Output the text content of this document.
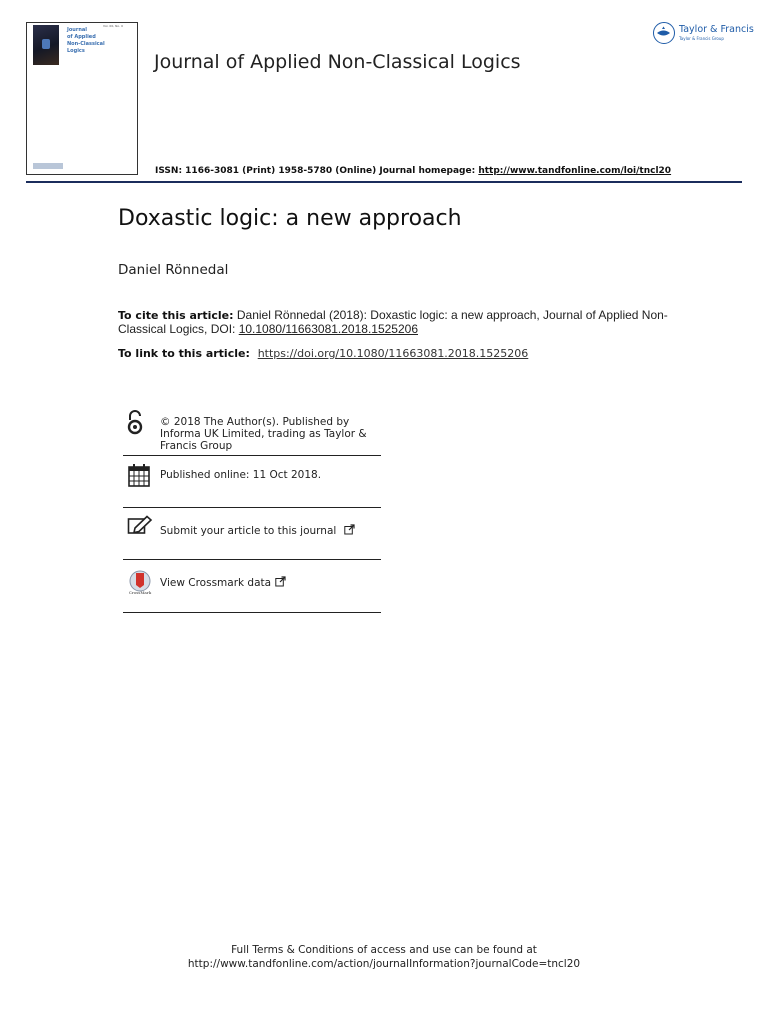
Vol. 00, No. 0
Journal
of Applied
Non-Classical
Logics	Journal of Applied Non-Classical Logics
ISSN: 1166-3081 (Print) 1958-5780 (Online) Journal homepage: http://www.tandfonline.com/loi/tncl20
Taylor & Francis
Taylor & Francis Group
Doxastic logic: a new approach
Daniel Rönnedal
To cite this article: Daniel Rönnedal (2018): Doxastic logic: a new approach, Journal of Applied Non-Classical Logics, DOI: 10.1080/11663081.2018.1525206
To link to this article: https://doi.org/10.1080/11663081.2018.1525206
© 2018 The Author(s). Published by Informa UK Limited, trading as Taylor & Francis Group
Published online: 11 Oct 2018.
Submit your article to this journal
CrossMark
View Crossmark data
Full Terms & Conditions of access and use can be found at
http://www.tandfonline.com/action/journalInformation?journalCode=tncl20
